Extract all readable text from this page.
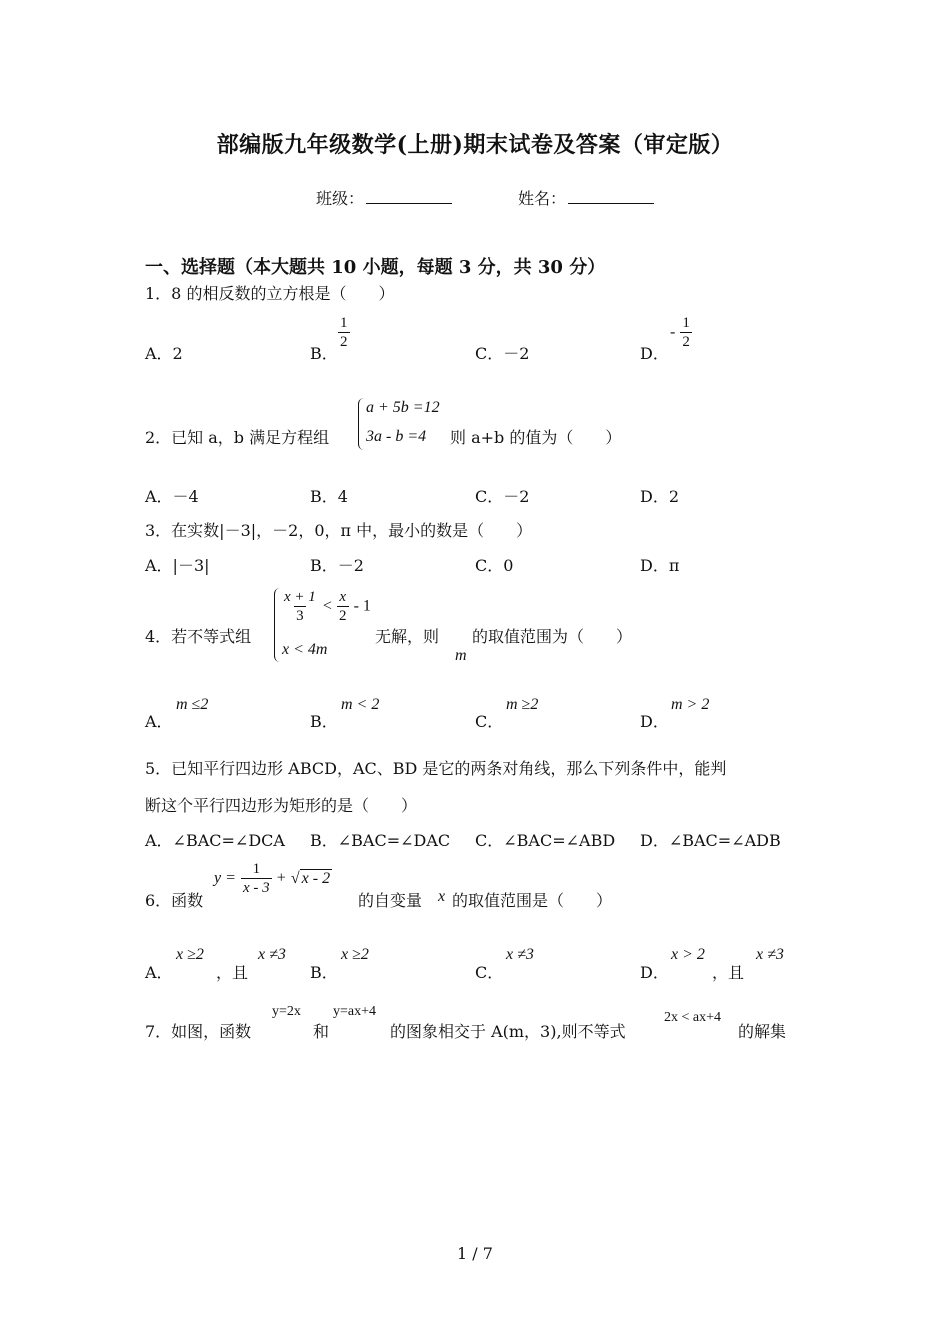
部编版九年级数学(上册)期末试卷及答案（审定版）
班级：	姓名：
一、选择题（本大题共 10 小题，每题 3 分，共 30 分）
1．8 的相反数的立方根是（　　）
A．2	B．
$\frac{1}{2}$
C．－2	D．
- $\frac{1}{2}$
2．已知 a，b 满足方程组
a + 5b =12
3a - b =4 则 a+b 的值为（　　）
A．－4	B．4	C．－2	D．2
3．在实数|－3|，－2，0，π 中，最小的数是（　　）
A．|－3|	B．－2	C．0	D．π
4．若不等式组
$\frac{x + 1}{3} < \frac{x}{2} - 1$
x < 4m
无解，则
m
的取值范围为（　　）
A．
m ≤2
B．
m < 2
C．
m ≥2
D．
m > 2
5．已知平行四边形 ABCD，AC、BD 是它的两条对角线，那么下列条件中，能判
断这个平行四边形为矩形的是（　　）
A．∠BAC=∠DCA B．∠BAC=∠DAC C．∠BAC=∠ABD D．∠BAC=∠ADB
6．函数
$y = \frac{1}{x - 3}$ + √ x - 2
的自变量 x 的取值范围是（　　）
A．
x ≥2
，且
x ≠3
B．
x ≥2
C．
x ≠3
D．
x > 2
，且
x ≠3
7．如图，函数
y=2x
和
y=ax+4
的图象相交于 A(m，3),则不等式
2x < ax+4
的解集
1 / 7
